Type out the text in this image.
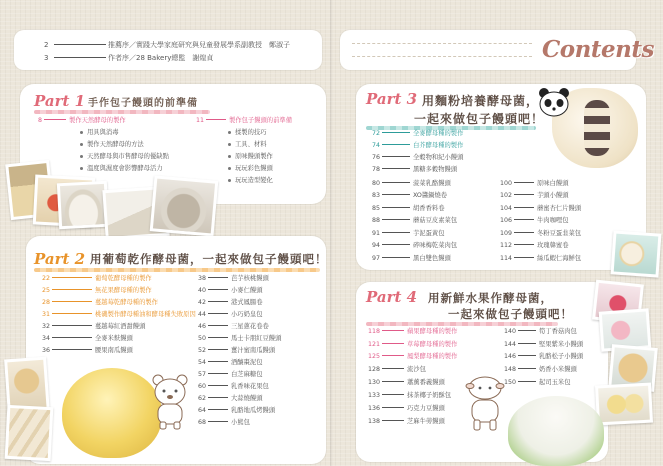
2	推薦序／實踐大學家庭研究與兒童發展學系副教授　鄭淑子
3	作者序／28 Bakery總監　謝煌貞
Part 1 手作包子饅頭的前準備
8	製作天然酵母的製作
用具與消毒
製作天然酵母的方法
天然酵母與市售酵母的優缺點
溫度與濕度會影響酵母活力
11	製作包子饅頭的前準備
揉製的技巧
工具、材料
原味饅頭製作
玩玩彩色饅頭
玩玩造型變化
Part 2 用葡萄乾作酵母菌，一起來做包子饅頭吧！
22	葡萄乾酵母種的製作
25	無花果酵母種的製作
28	蔓越莓乾酵母種的製作
31	桃磯製作酵母種油和酵母種失敗原因
32	蔓越莓紅酒甜饅頭
34	全麥米麩饅頭
36	腰果南瓜饅頭
38	芭芋核桃饅頭
40	小麥仁饅頭
42	港式鳳腸卷
44	小巧奶皇包
46	三星蔥花卷卷
50	馬士卡朋紅豆饅頭
52	薑汁蜜南瓜饅頭
54	酒釀棗泥包
57	白芝麻糖包
60	乳香味花果包
62	大蒜燒饅頭
64	乳酪地瓜烤饅頭
68	小熊包
Contents
Part 3 用麵粉培養酵母菌，
一起來做包子饅頭吧！
72	全麥酵母種的製作
74	白芥酵母種的製作
76	全穀物和紀小饅頭
78	黑糖多穀物饅頭
80	菠菜乳酪饅頭
83	XO醬鍋燒卷
85	胡香香料卷
88	蘑菇豆皮素菜包
91	芋泥蛋黃包
94	碎味梅乾菜肉包
97	黑白雙色饅頭
100	原味白饅頭
102	芋頭小饅頭
104	蘑蜜杏仁片饅頭
106	牛肉咖哩包
109	冬粉豆蛋韭菜包
112	玫瑰韓蜜卷
114	絲瓜蝦仁海鮮包
Part 4 用新鮮水果作酵母菌，
一起來做包子饅頭吧！
118	蘋果酵母種的製作
121	草莓酵母種的製作
125	鳳梨酵母種的製作
128	流沙包
130	蕭薰番義饅頭
133	抹茶椰子奶酥包
136	巧克力豆饅頭
138	芝麻牛蒡饅頭
140	筍丁香菇肉包
144	堅果紫米小饅頭
146	乳酪松子小饅頭
148	奶香小米饅頭
150	起司玉米包
